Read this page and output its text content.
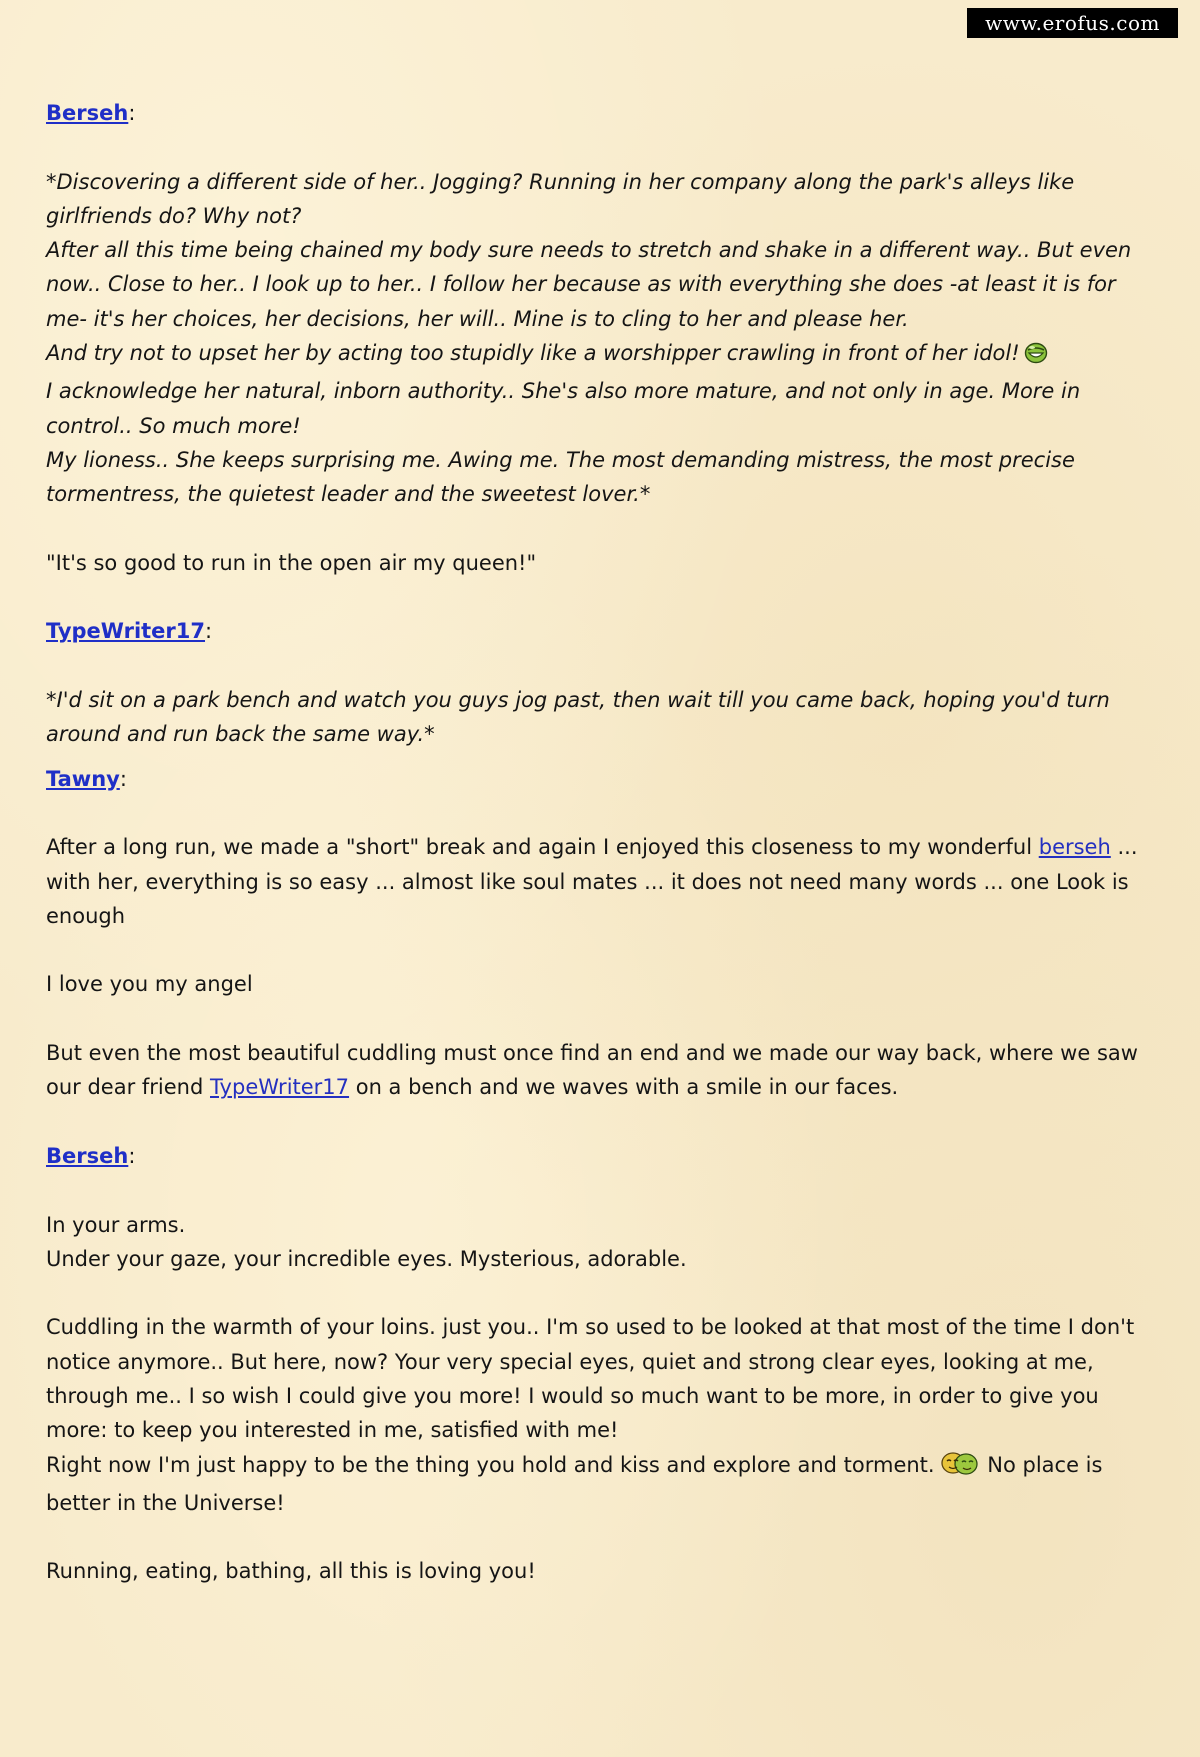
www.erofus.com

Berseh:

*Discovering a different side of her.. Jogging? Running in her company along the park's alleys like girlfriends do? Why not?

After all this time being chained my body sure needs to stretch and shake in a different way.. But even now.. Close to her.. I look up to her.. I follow her because as with everything she does -at least it is for me- it's her choices, her decisions, her will.. Mine is to cling to her and please her.

And try not to upset her by acting too stupidly like a worshipper crawling in front of her idol!

I acknowledge her natural, inborn authority.. She's also more mature, and not only in age. More in control.. So much more!

My lioness.. She keeps surprising me. Awing me. The most demanding mistress, the most precise tormentress, the quietest leader and the sweetest lover.*

"It's so good to run in the open air my queen!"

TypeWriter17:

*I'd sit on a park bench and watch you guys jog past, then wait till you came back, hoping you'd turn around and run back the same way.*

Tawny:

After a long run, we made a "short" break and again I enjoyed this closeness to my wonderful berseh ... with her, everything is so easy ... almost like soul mates ... it does not need many words ... one Look is enough

I love you my angel

But even the most beautiful cuddling must once find an end and we made our way back, where we saw our dear friend TypeWriter17 on a bench and we waves with a smile in our faces.

Berseh:

In your arms.

Under your gaze, your incredible eyes. Mysterious, adorable.

Cuddling in the warmth of your loins. just you.. I'm so used to be looked at that most of the time I don't notice anymore.. But here, now? Your very special eyes, quiet and strong clear eyes, looking at me, through me.. I so wish I could give you more! I would so much want to be more, in order to give you more: to keep you interested in me, satisfied with me!

Right now I'm just happy to be the thing you hold and kiss and explore and torment. No place is better in the Universe!

Running, eating, bathing, all this is loving you!
